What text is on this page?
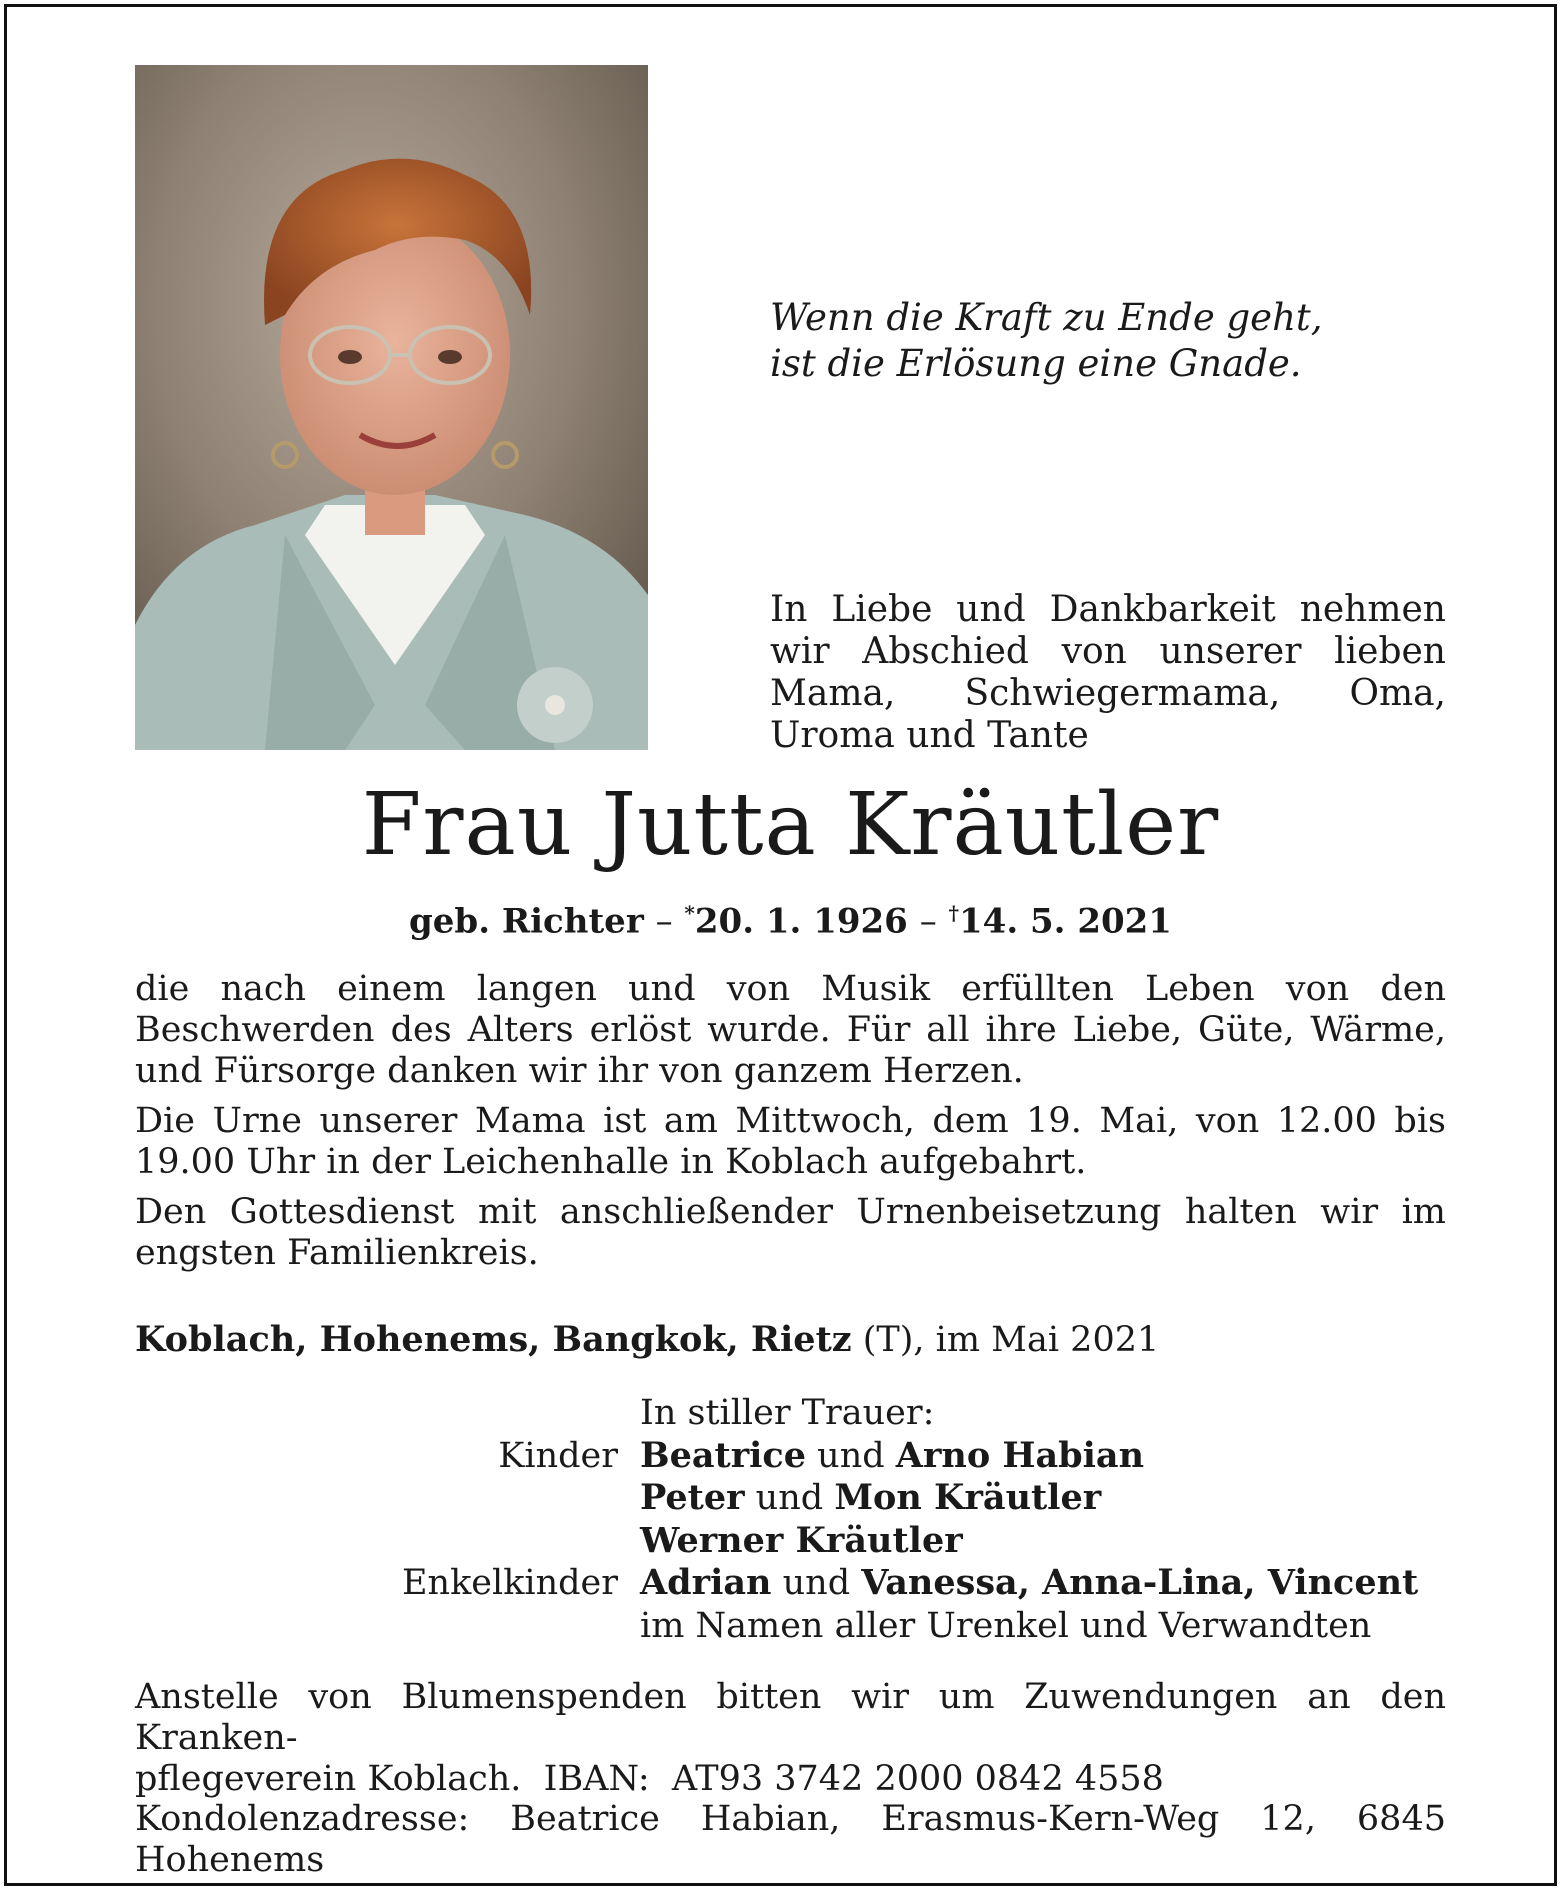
Wenn die Kraft zu Ende geht,
ist die Erlösung eine Gnade.
In Liebe und Dankbarkeit nehmen wir Abschied von unserer lieben Mama, Schwiegermama, Oma, Uroma und Tante
Frau Jutta Kräutler
geb. Richter – *20. 1. 1926 – †14. 5. 2021

die nach einem langen und von Musik erfüllten Leben von den Beschwerden des Alters erlöst wurde. Für all ihre Liebe, Güte, Wärme, und Fürsorge danken wir ihr von ganzem Herzen.

Die Urne unserer Mama ist am Mittwoch, dem 19. Mai, von 12.00 bis 19.00 Uhr in der Leichenhalle in Koblach aufgebahrt.

Den Gottesdienst mit anschließender Urnenbeisetzung halten wir im engsten Familienkreis.

Koblach, Hohenems, Bangkok, Rietz (T), im Mai 2021
In stiller Trauer:
Kinder Beatrice und Arno Habian
Peter und Mon Kräutler
Werner Kräutler
Enkelkinder Adrian und Vanessa, Anna-Lina, Vincent
im Namen aller Urenkel und Verwandten
Anstelle von Blumenspenden bitten wir um Zuwendungen an den Kranken-
pflegeverein Koblach.  IBAN:  AT93 3742 2000 0842 4558
Kondolenzadresse: Beatrice Habian, Erasmus-Kern-Weg 12, 6845 Hohenems
